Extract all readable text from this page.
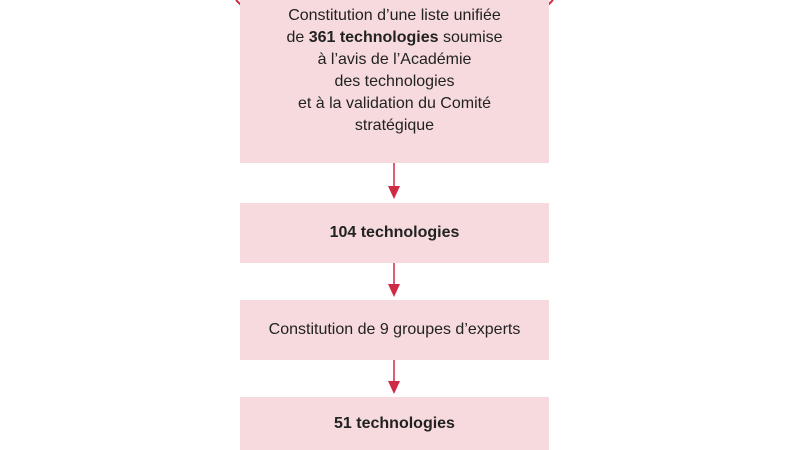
Constitution d’une liste unifiée
de 361 technologies soumise
à l’avis de l’Académie
des technologies
et à la validation du Comité
stratégique
104 technologies
Constitution de 9 groupes d’experts
51 technologies
